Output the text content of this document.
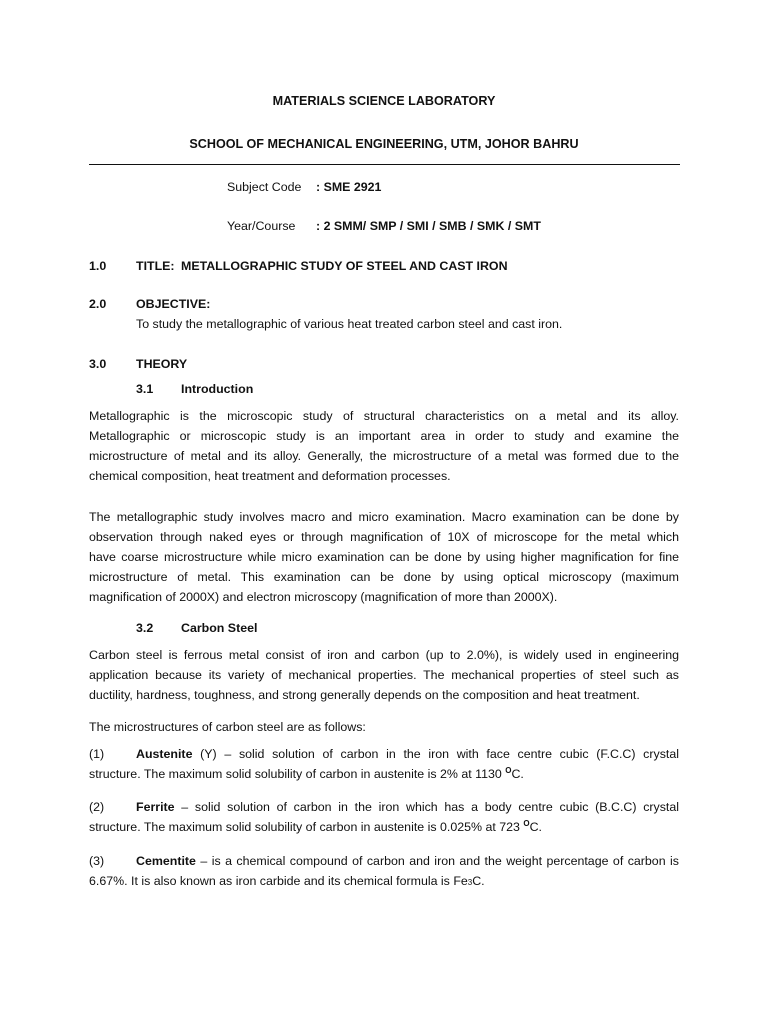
MATERIALS SCIENCE LABORATORY
SCHOOL OF MECHANICAL ENGINEERING, UTM, JOHOR BAHRU
Subject Code : SME 2921
Year/Course : 2 SMM/ SMP / SMI / SMB / SMK / SMT
1.0 TITLE: METALLOGRAPHIC STUDY OF STEEL AND CAST IRON
2.0 OBJECTIVE:
To study the metallographic of various heat treated carbon steel and cast iron.
3.0 THEORY
3.1 Introduction
Metallographic is the microscopic study of structural characteristics on a metal and its alloy.
Metallographic or microscopic study is an important area in order to study and examine the
microstructure of metal and its alloy. Generally, the microstructure of a metal was formed due to the
chemical composition, heat treatment and deformation processes.
The metallographic study involves macro and micro examination. Macro examination can be done by
observation through naked eyes or through magnification of 10X of microscope for the metal which
have coarse microstructure while micro examination can be done by using higher magnification for fine
microstructure of metal. This examination can be done by using optical microscopy (maximum
magnification of 2000X) and electron microscopy (magnification of more than 2000X).
3.2 Carbon Steel
Carbon steel is ferrous metal consist of iron and carbon (up to 2.0%), is widely used in engineering
application because its variety of mechanical properties. The mechanical properties of steel such as
ductility, hardness, toughness, and strong generally depends on the composition and heat treatment.
The microstructures of carbon steel are as follows:
(1)	Austenite (Y) – solid solution of carbon in the iron with face centre cubic (F.C.C) crystal
structure. The maximum solid solubility of carbon in austenite is 2% at 1130 $^O$C.
(2)	Ferrite – solid solution of carbon in the iron which has a body centre cubic (B.C.C) crystal
structure. The maximum solid solubility of carbon in austenite is 0.025% at 723 $^O$C.
(3)	Cementite – is a chemical compound of carbon and iron and the weight percentage of carbon is
6.67%. It is also known as iron carbide and its chemical formula is Fe3C.
